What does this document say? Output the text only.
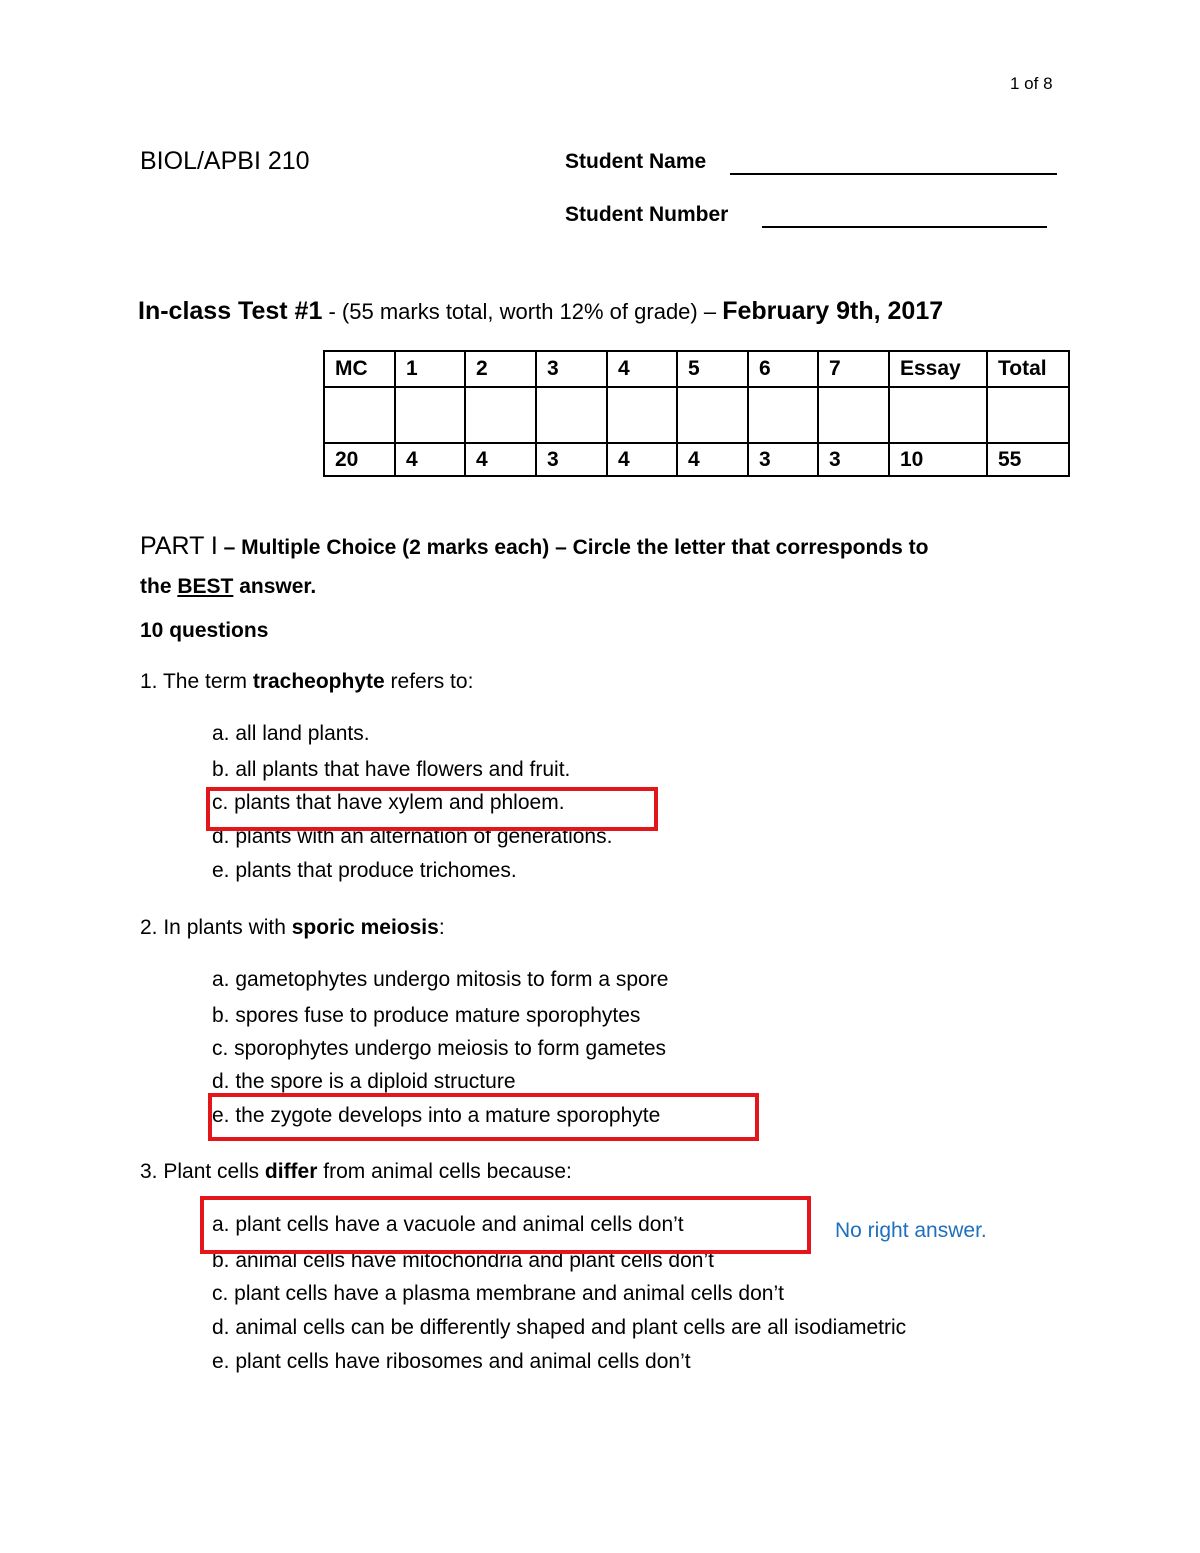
1 of 8
BIOL/APBI 210	Student Name
Student Number
In-class Test #1 - (55 marks total, worth 12% of grade) – February 9th, 2017
MC	1	2	3	4	5	6	7	Essay	Total

20	4	4	3	4	4	3	3	10	55
PART I – Multiple Choice (2 marks each) – Circle the letter that corresponds to
the BEST answer.
10 questions
1. The term tracheophyte refers to:
a. all land plants.
b. all plants that have flowers and fruit.
c. plants that have xylem and phloem.
d. plants with an alternation of generations.
e. plants that produce trichomes.
2. In plants with sporic meiosis:
a. gametophytes undergo mitosis to form a spore
b. spores fuse to produce mature sporophytes
c. sporophytes undergo meiosis to form gametes
d. the spore is a diploid structure
e. the zygote develops into a mature sporophyte
3. Plant cells differ from animal cells because:
a. plant cells have a vacuole and animal cells don’t
b. animal cells have mitochondria and plant cells don’t
c. plant cells have a plasma membrane and animal cells don’t
d. animal cells can be differently shaped and plant cells are all isodiametric
e. plant cells have ribosomes and animal cells don’t
No right answer.
